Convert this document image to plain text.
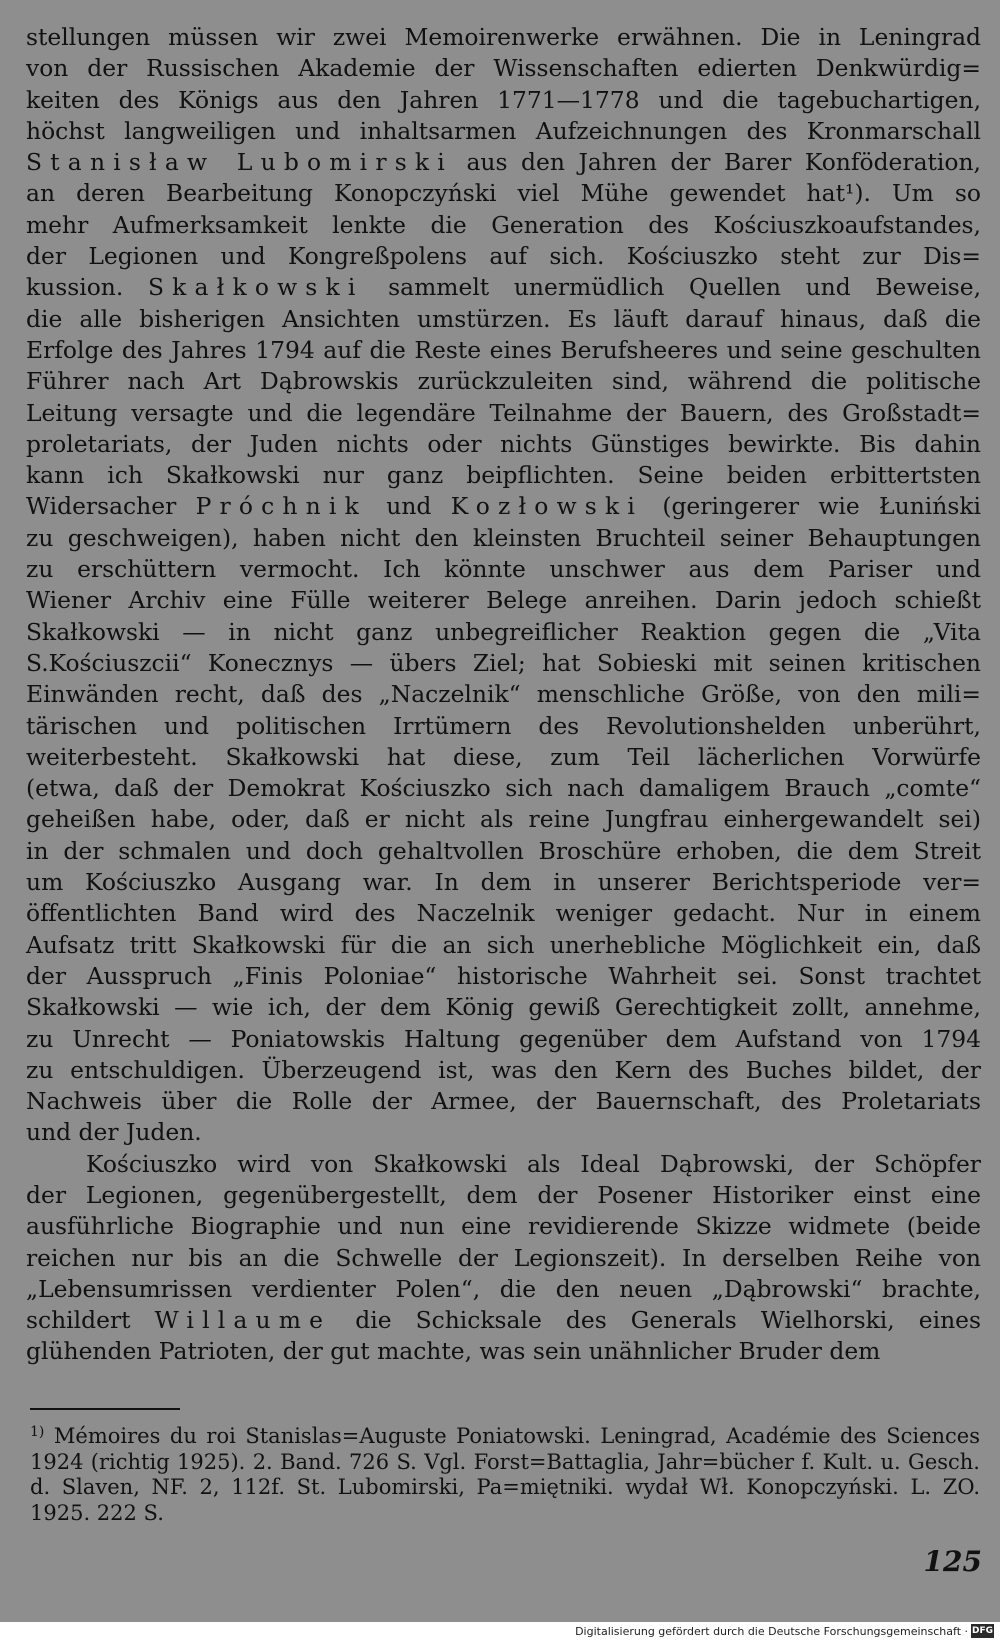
stellungen müssen wir zwei Memoirenwerke erwähnen. Die in Leningrad

von der Russischen Akademie der Wissenschaften edierten Denkwürdig=

keiten des Königs aus den Jahren 1771—1778 und die tagebuchartigen,

höchst langweiligen und inhaltsarmen Aufzeichnungen des Kronmarschall

Stanisław Lubomirski aus den Jahren der Barer Konföderation,

an deren Bearbeitung Konopczyński viel Mühe gewendet hat¹). Um so

mehr Aufmerksamkeit lenkte die Generation des Kościuszkoaufstandes,

der Legionen und Kongreßpolens auf sich. Kościuszko steht zur Dis=

kussion. Skałkowski sammelt unermüdlich Quellen und Beweise,

die alle bisherigen Ansichten umstürzen. Es läuft darauf hinaus, daß die

Erfolge des Jahres 1794 auf die Reste eines Berufsheeres und seine geschulten

Führer nach Art Dąbrowskis zurückzuleiten sind, während die politische

Leitung versagte und die legendäre Teilnahme der Bauern, des Großstadt=

proletariats, der Juden nichts oder nichts Günstiges bewirkte. Bis dahin

kann ich Skałkowski nur ganz beipflichten. Seine beiden erbittertsten

Widersacher Próchnik und Kozłowski (geringerer wie Łuniński

zu geschweigen), haben nicht den kleinsten Bruchteil seiner Behauptungen

zu erschüttern vermocht. Ich könnte unschwer aus dem Pariser und

Wiener Archiv eine Fülle weiterer Belege anreihen. Darin jedoch schießt

Skałkowski — in nicht ganz unbegreiflicher Reaktion gegen die „Vita

S.Kościuszcii“ Konecznys — übers Ziel; hat Sobieski mit seinen kritischen

Einwänden recht, daß des „Naczelnik“ menschliche Größe, von den mili=

tärischen und politischen Irrtümern des Revolutionshelden unberührt,

weiterbesteht. Skałkowski hat diese, zum Teil lächerlichen Vorwürfe

(etwa, daß der Demokrat Kościuszko sich nach damaligem Brauch „comte“

geheißen habe, oder, daß er nicht als reine Jungfrau einhergewandelt sei)

in der schmalen und doch gehaltvollen Broschüre erhoben, die dem Streit

um Kościuszko Ausgang war. In dem in unserer Berichtsperiode ver=

öffentlichten Band wird des Naczelnik weniger gedacht. Nur in einem

Aufsatz tritt Skałkowski für die an sich unerhebliche Möglichkeit ein, daß

der Ausspruch „Finis Poloniae“ historische Wahrheit sei. Sonst trachtet

Skałkowski — wie ich, der dem König gewiß Gerechtigkeit zollt, annehme,

zu Unrecht — Poniatowskis Haltung gegenüber dem Aufstand von 1794

zu entschuldigen. Überzeugend ist, was den Kern des Buches bildet, der

Nachweis über die Rolle der Armee, der Bauernschaft, des Proletariats

und der Juden.

Kościuszko wird von Skałkowski als Ideal Dąbrowski, der Schöpfer

der Legionen, gegenübergestellt, dem der Posener Historiker einst eine

ausführliche Biographie und nun eine revidierende Skizze widmete (beide

reichen nur bis an die Schwelle der Legionszeit). In derselben Reihe von

„Lebensumrissen verdienter Polen“, die den neuen „Dąbrowski“ brachte,

schildert Willaume die Schicksale des Generals Wielhorski, eines

glühenden Patrioten, der gut machte, was sein unähnlicher Bruder dem

$^{1)}$ Mémoires du roi Stanislas=Auguste Poniatowski. Leningrad, Académie des Sciences 1924 (richtig 1925). 2. Band. 726 S. Vgl. Forst=Battaglia, Jahr=bücher f. Kult. u. Gesch. d. Slaven, NF. 2, 112f. St. Lubomirski, Pa=miętniki. wydał Wł. Konopczyński. L. ZO. 1925. 222 S.
125
Digitalisierung gefördert durch die Deutsche Forschungsgemeinschaft · DFG
